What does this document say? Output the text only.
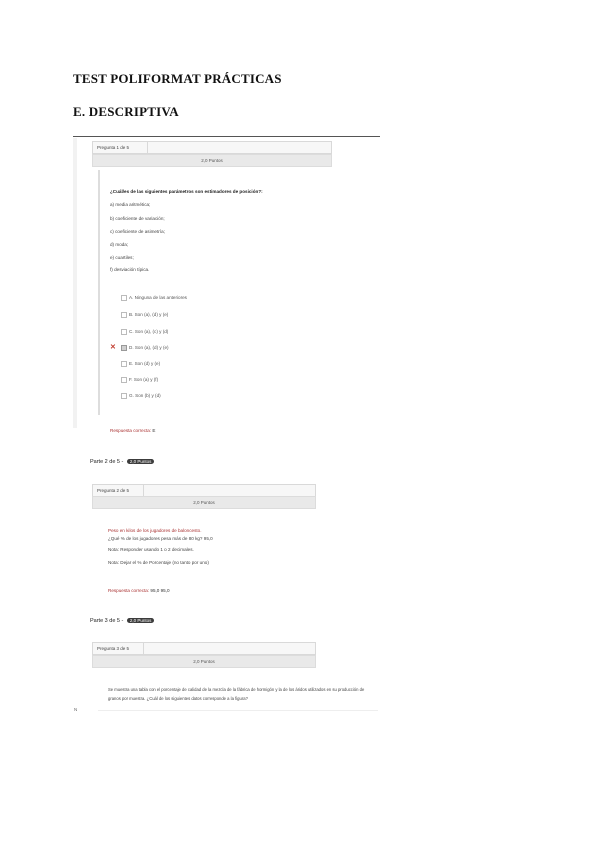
TEST POLIFORMAT PRÁCTICAS
E. DESCRIPTIVA
Pregunta 1 de 5
2,0 Puntos
¿Cuál/es de las siguientes parámetros son estimadores de posición?:
a) media aritmética;
b) coeficiente de variación;
c) coeficiente de asimetría;
d) moda;
e) cuartiles;
f) desviación típica.
A. Ninguna de las anteriores
B. Son (a), (d) y (e)
C. Son (a), (c) y (d)
✕	D. Son (a), (d) y (e)
E. Son (d) y (e)
F. Son (a) y (f)
G. Son (b) y (d)
Respuesta correcta: E
Parte 2 de 5 - 2,0 Puntos
Pregunta 2 de 5
2,0 Puntos
Peso en kilos de los jugadores de baloncesto.
¿Qué % de los jugadores pesa más de 80 kg? 95,0
Nota: Responder usando 1 o 2 decimales.
Nota: Dejar el % de Porcentaje (no tanto por uno)
Respuesta correcta: 95,0 95,0
Parte 3 de 5 - 2,0 Puntos
Pregunta 3 de 5
2,0 Puntos
Se muestra una tabla con el porcentaje de calidad de la mezcla de la fábrica de hormigón y la de los áridos utilizados en su producción de
granos por muestra. ¿Cuál de los siguientes datos corresponde a la figura?
N
